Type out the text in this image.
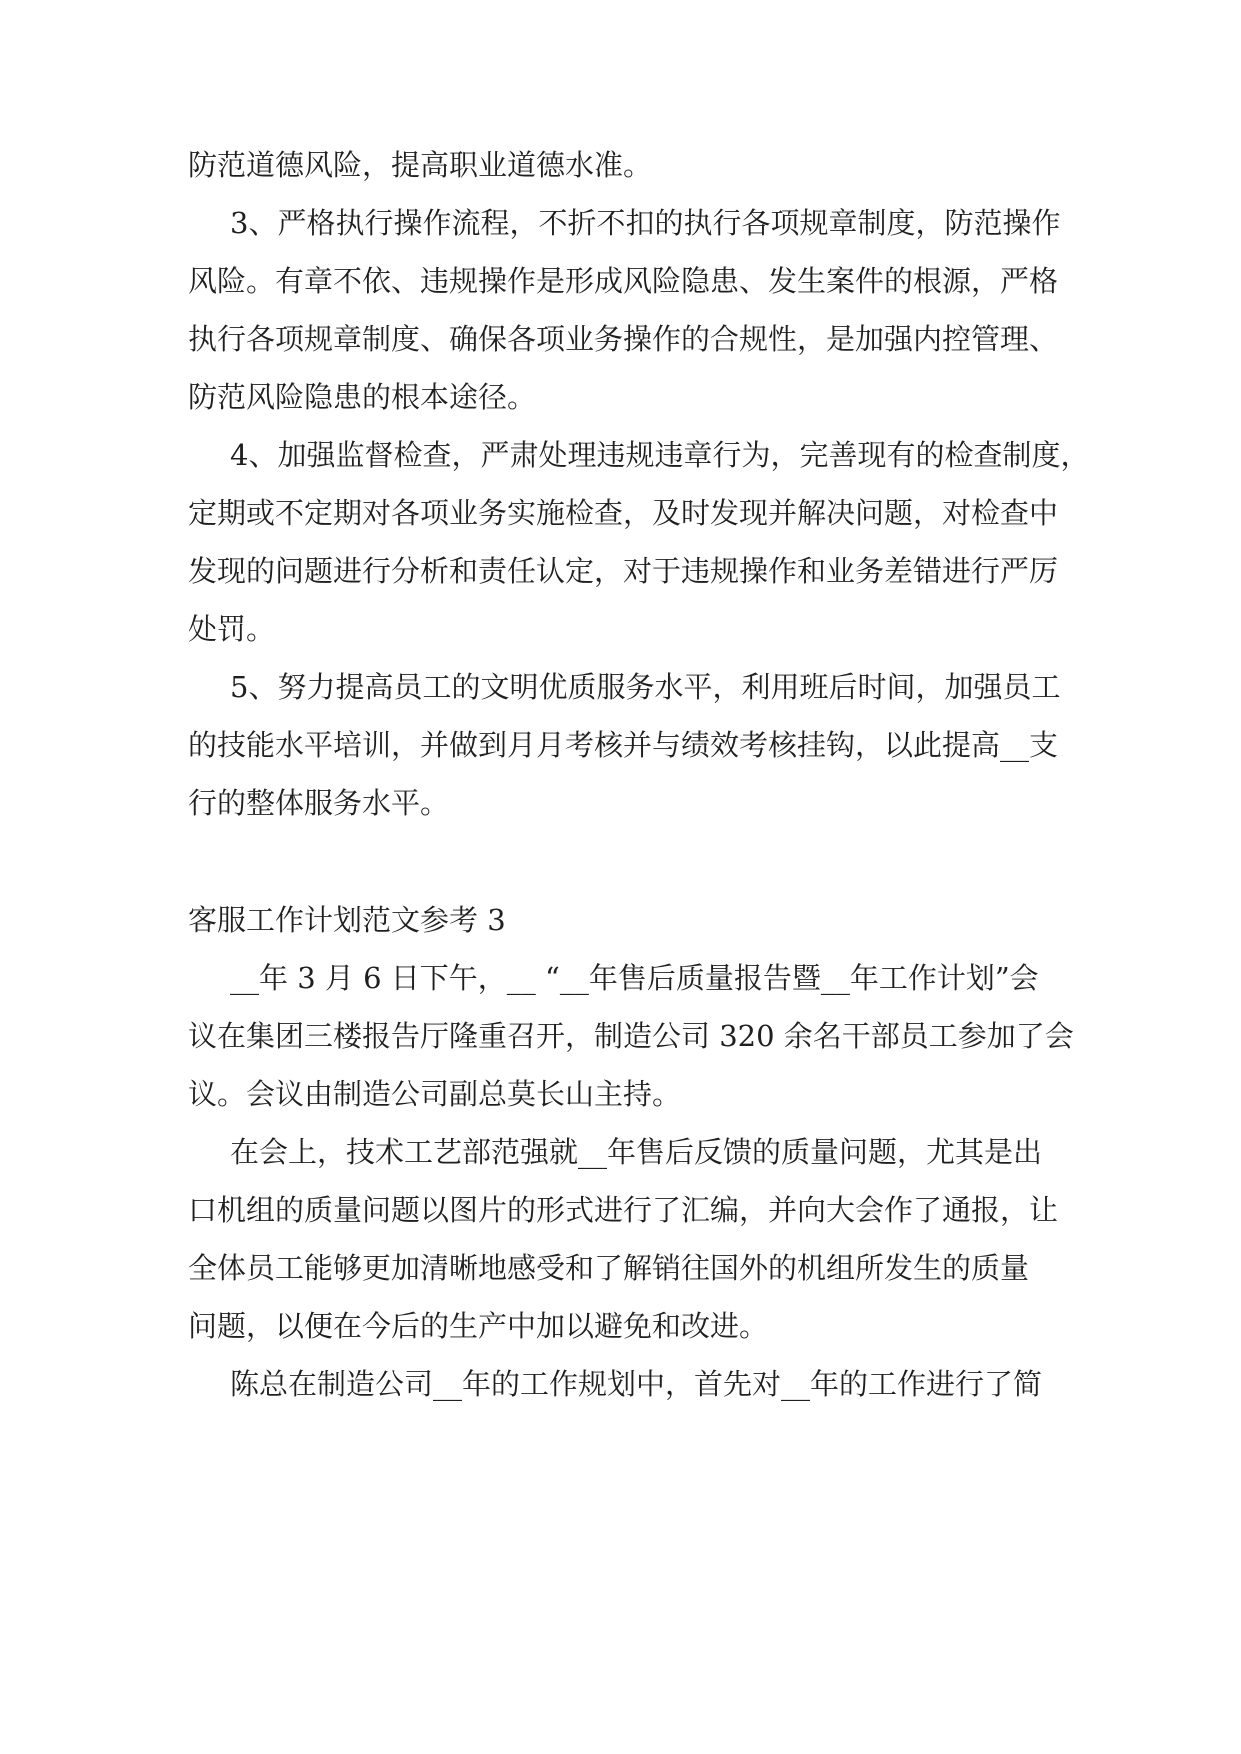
防范道德风险，提高职业道德水准。

3、严格执行操作流程，不折不扣的执行各项规章制度，防范操作

风险。有章不依、违规操作是形成风险隐患、发生案件的根源，严格

执行各项规章制度、确保各项业务操作的合规性，是加强内控管理、

防范风险隐患的根本途径。

4、加强监督检查，严肃处理违规违章行为，完善现有的检查制度，

定期或不定期对各项业务实施检查，及时发现并解决问题，对检查中

发现的问题进行分析和责任认定，对于违规操作和业务差错进行严厉

处罚。

5、努力提高员工的文明优质服务水平，利用班后时间，加强员工

的技能水平培训，并做到月月考核并与绩效考核挂钩，以此提高__支

行的整体服务水平。

客服工作计划范文参考 3

__年 3 月 6 日下午，__ “__年售后质量报告暨__年工作计划”会

议在集团三楼报告厅隆重召开，制造公司 320 余名干部员工参加了会

议。会议由制造公司副总莫长山主持。

在会上，技术工艺部范强就__年售后反馈的质量问题，尤其是出

口机组的质量问题以图片的形式进行了汇编，并向大会作了通报，让

全体员工能够更加清晰地感受和了解销往国外的机组所发生的质量

问题，以便在今后的生产中加以避免和改进。

陈总在制造公司__年的工作规划中，首先对__年的工作进行了简
